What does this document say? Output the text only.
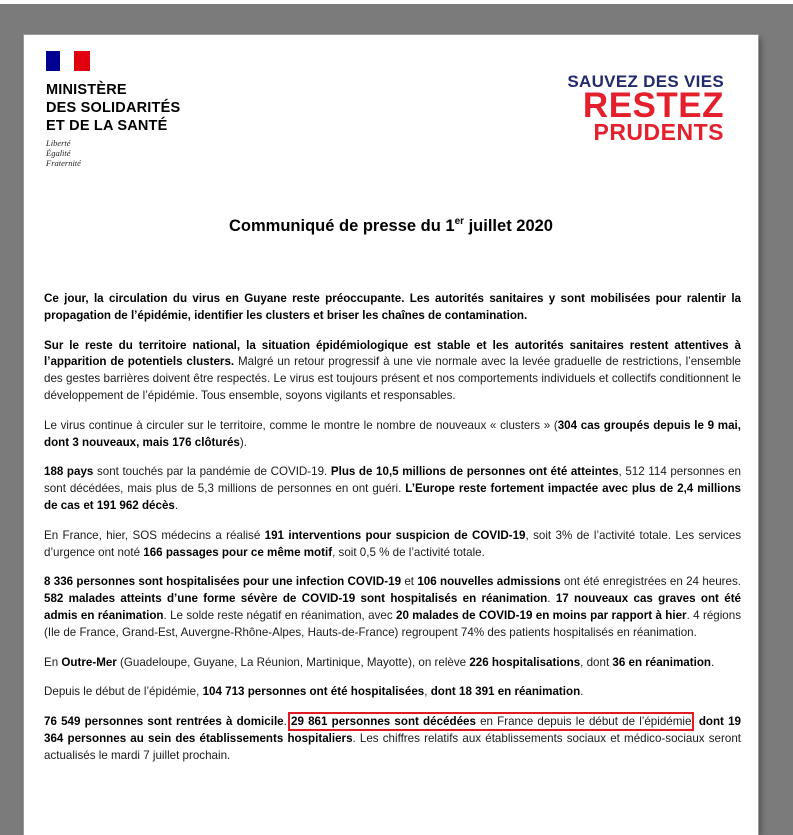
MINISTÈRE
DES SOLIDARITÉS
ET DE LA SANTÉ
Liberté
Égalité
Fraternité
SAUVEZ DES VIES
RESTEZ
PRUDENTS
Communiqué de presse du 1er juillet 2020

Ce jour, la circulation du virus en Guyane reste préoccupante. Les autorités sanitaires y sont mobilisées pour ralentir la propagation de l’épidémie, identifier les clusters et briser les chaînes de contamination.

Sur le reste du territoire national, la situation épidémiologique est stable et les autorités sanitaires restent attentives à l’apparition de potentiels clusters. Malgré un retour progressif à une vie normale avec la levée graduelle de restrictions, l’ensemble des gestes barrières doivent être respectés. Le virus est toujours présent et nos comportements individuels et collectifs conditionnent le développement de l’épidémie. Tous ensemble, soyons vigilants et responsables.

Le virus continue à circuler sur le territoire, comme le montre le nombre de nouveaux « clusters » (304 cas groupés depuis le 9 mai, dont 3 nouveaux, mais 176 clôturés).

188 pays sont touchés par la pandémie de COVID-19. Plus de 10,5 millions de personnes ont été atteintes, 512 114 personnes en sont décédées, mais plus de 5,3 millions de personnes en ont guéri. L’Europe reste fortement impactée avec plus de 2,4 millions de cas et 191 962 décès.

En France, hier, SOS médecins a réalisé 191 interventions pour suspicion de COVID-19, soit 3% de l’activité totale. Les services d’urgence ont noté 166 passages pour ce même motif, soit 0,5 % de l’activité totale.

8 336 personnes sont hospitalisées pour une infection COVID-19 et 106 nouvelles admissions ont été enregistrées en 24 heures. 582 malades atteints d’une forme sévère de COVID-19 sont hospitalisés en réanimation. 17 nouveaux cas graves ont été admis en réanimation. Le solde reste négatif en réanimation, avec 20 malades de COVID-19 en moins par rapport à hier. 4 régions (Ile de France, Grand-Est, Auvergne-Rhône-Alpes, Hauts-de-France) regroupent 74% des patients hospitalisés en réanimation.

En Outre-Mer (Guadeloupe, Guyane, La Réunion, Martinique, Mayotte), on relève 226 hospitalisations, dont 36 en réanimation.

Depuis le début de l’épidémie, 104 713 personnes ont été hospitalisées, dont 18 391 en réanimation.

76 549 personnes sont rentrées à domicile. 29 861 personnes sont décédées en France depuis le début de l’épidémie, dont 19 364 personnes au sein des établissements hospitaliers. Les chiffres relatifs aux établissements sociaux et médico-sociaux seront actualisés le mardi 7 juillet prochain.
